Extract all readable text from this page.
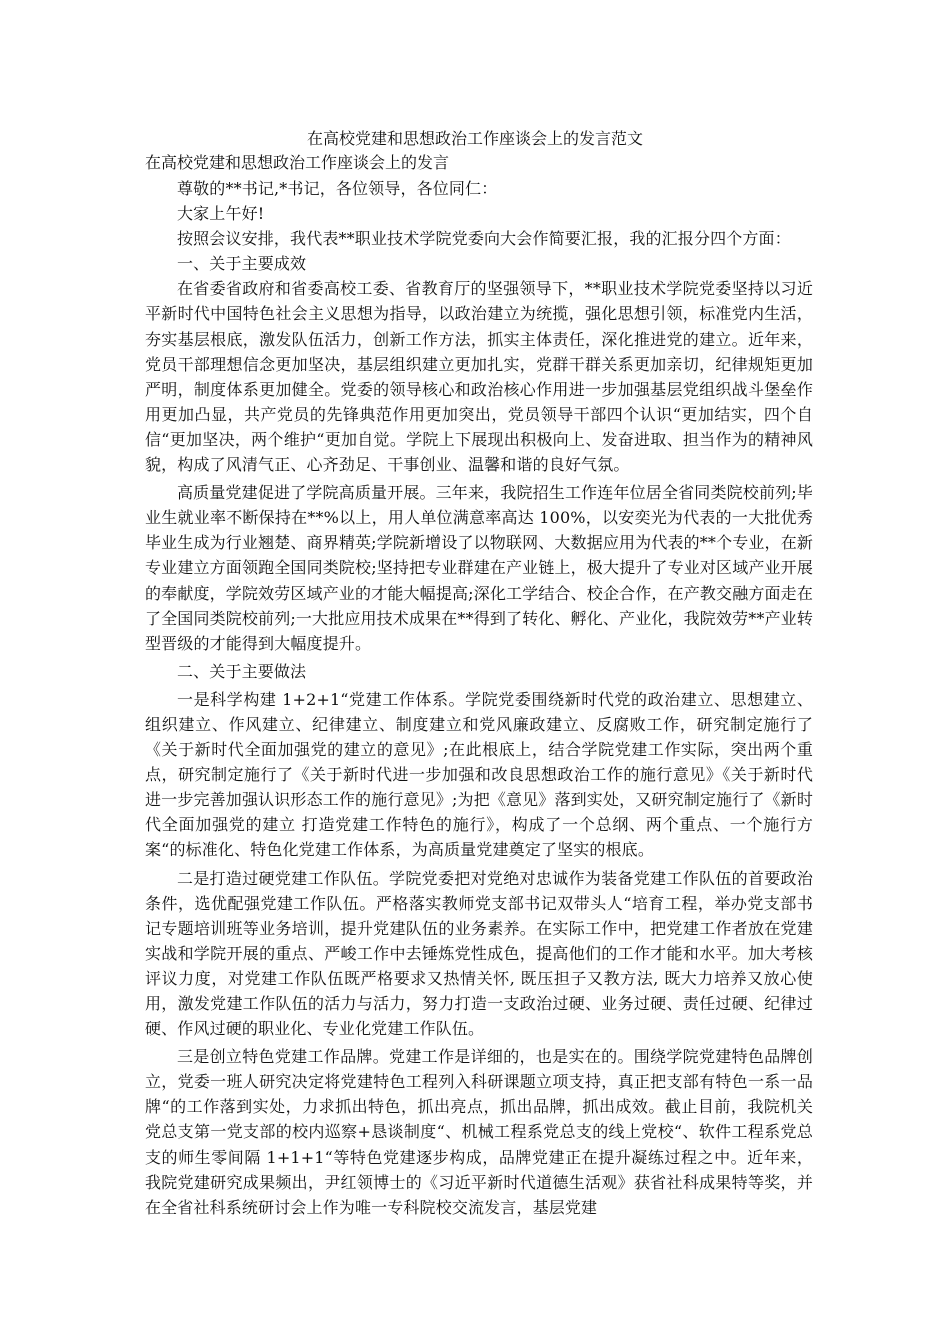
在高校党建和思想政治工作座谈会上的发言范文
在高校党建和思想政治工作座谈会上的发言

尊敬的**书记,*书记，各位领导，各位同仁：

大家上午好!

按照会议安排，我代表**职业技术学院党委向大会作简要汇报，我的汇报分四个方面：

一、关于主要成效

在省委省政府和省委高校工委、省教育厅的坚强领导下，**职业技术学院党委坚持以习近平新时代中国特色社会主义思想为指导，以政治建立为统揽，强化思想引领，标准党内生活，夯实基层根底，激发队伍活力，创新工作方法，抓实主体责任，深化推进党的建立。近年来，党员干部理想信念更加坚决，基层组织建立更加扎实，党群干群关系更加亲切，纪律规矩更加严明，制度体系更加健全。党委的领导核心和政治核心作用进一步加强基层党组织战斗堡垒作用更加凸显，共产党员的先锋典范作用更加突出，党员领导干部四个认识“更加结实，四个自信“更加坚决，两个维护“更加自觉。学院上下展现出积极向上、发奋进取、担当作为的精神风貌，构成了风清气正、心齐劲足、干事创业、温馨和谐的良好气氛。

高质量党建促进了学院高质量开展。三年来，我院招生工作连年位居全省同类院校前列;毕业生就业率不断保持在**%以上，用人单位满意率高达 100%，以安奕光为代表的一大批优秀毕业生成为行业翘楚、商界精英;学院新增设了以物联网、大数据应用为代表的**个专业，在新专业建立方面领跑全国同类院校;坚持把专业群建在产业链上，极大提升了专业对区域产业开展的奉献度，学院效劳区域产业的才能大幅提高;深化工学结合、校企合作，在产教交融方面走在了全国同类院校前列;一大批应用技术成果在**得到了转化、孵化、产业化，我院效劳**产业转型晋级的才能得到大幅度提升。

二、关于主要做法

一是科学构建 1+2+1“党建工作体系。学院党委围绕新时代党的政治建立、思想建立、组织建立、作风建立、纪律建立、制度建立和党风廉政建立、反腐败工作，研究制定施行了《关于新时代全面加强党的建立的意见》;在此根底上，结合学院党建工作实际，突出两个重点，研究制定施行了《关于新时代进一步加强和改良思想政治工作的施行意见》《关于新时代进一步完善加强认识形态工作的施行意见》;为把《意见》落到实处，又研究制定施行了《新时代全面加强党的建立 打造党建工作特色的施行》，构成了一个总纲、两个重点、一个施行方案“的标准化、特色化党建工作体系，为高质量党建奠定了坚实的根底。

二是打造过硬党建工作队伍。学院党委把对党绝对忠诚作为装备党建工作队伍的首要政治条件，选优配强党建工作队伍。严格落实教师党支部书记双带头人“培育工程，举办党支部书记专题培训班等业务培训，提升党建队伍的业务素养。在实际工作中，把党建工作者放在党建实战和学院开展的重点、严峻工作中去锤炼党性成色，提高他们的工作才能和水平。加大考核评议力度，对党建工作队伍既严格要求又热情关怀, 既压担子又教方法, 既大力培养又放心使用，激发党建工作队伍的活力与活力，努力打造一支政治过硬、业务过硬、责任过硬、纪律过硬、作风过硬的职业化、专业化党建工作队伍。

三是创立特色党建工作品牌。党建工作是详细的，也是实在的。围绕学院党建特色品牌创立，党委一班人研究决定将党建特色工程列入科研课题立项支持，真正把支部有特色一系一品牌“的工作落到实处，力求抓出特色，抓出亮点，抓出品牌，抓出成效。截止目前，我院机关党总支第一党支部的校内巡察+恳谈制度“、机械工程系党总支的线上党校“、软件工程系党总支的师生零间隔 1+1+1“等特色党建逐步构成，品牌党建正在提升凝练过程之中。近年来，我院党建研究成果频出，尹红领博士的《习近平新时代道德生活观》获省社科成果特等奖，并在全省社科系统研讨会上作为唯一专科院校交流发言，基层党建
